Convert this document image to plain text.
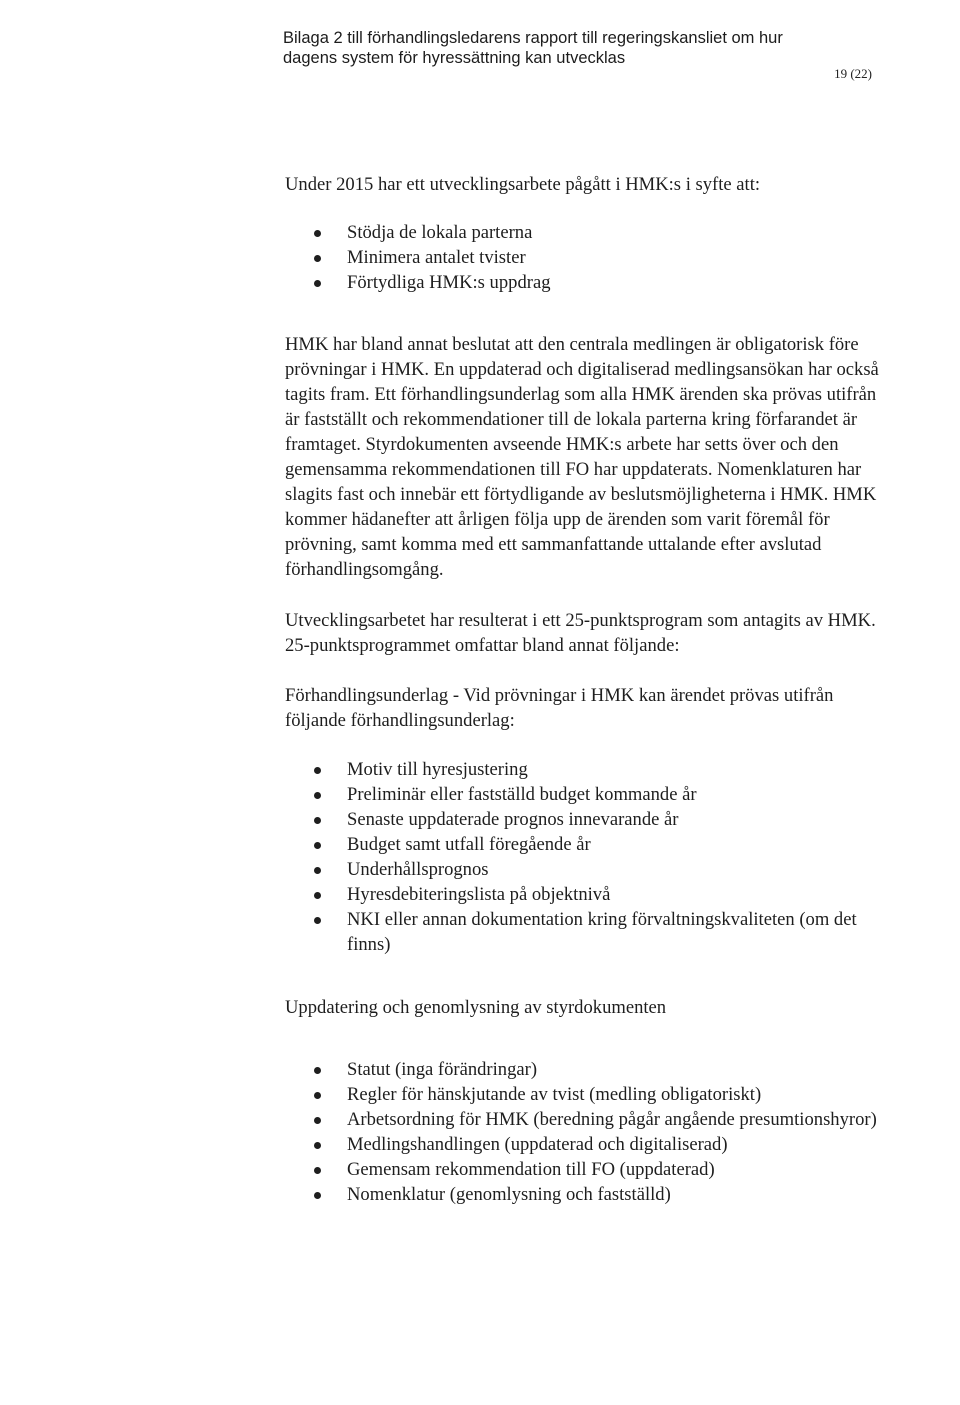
Bilaga 2 till förhandlingsledarens rapport till regeringskansliet om hur
dagens system för hyressättning kan utvecklas
19 (22)

Under 2015 har ett utvecklingsarbete pågått i HMK:s i syfte att:

Stödja de lokala parterna
Minimera antalet tvister
Förtydliga HMK:s uppdrag

HMK har bland annat beslutat att den centrala medlingen är obligatorisk före prövningar i HMK. En uppdaterad och digitaliserad medlingsansökan har också tagits fram. Ett förhandlingsunderlag som alla HMK ärenden ska prövas utifrån är fastställt och rekommendationer till de lokala parterna kring förfarandet är framtaget. Styrdokumenten avseende HMK:s arbete har setts över och den gemensamma rekommendationen till FO har uppdaterats. Nomenklaturen har slagits fast och innebär ett förtydligande av beslutsmöjligheterna i HMK. HMK kommer hädanefter att årligen följa upp de ärenden som varit föremål för prövning, samt komma med ett sammanfattande uttalande efter avslutad förhandlingsomgång.

Utvecklingsarbetet har resulterat i ett 25-punktsprogram som antagits av HMK. 25-punktsprogrammet omfattar bland annat följande:

Förhandlingsunderlag - Vid prövningar i HMK kan ärendet prövas utifrån följande förhandlingsunderlag:

Motiv till hyresjustering
Preliminär eller fastställd budget kommande år
Senaste uppdaterade prognos innevarande år
Budget samt utfall föregående år
Underhållsprognos
Hyresdebiteringslista på objektnivå
NKI eller annan dokumentation kring förvaltningskvaliteten (om det finns)

Uppdatering och genomlysning av styrdokumenten

Statut (inga förändringar)
Regler för hänskjutande av tvist (medling obligatoriskt)
Arbetsordning för HMK (beredning pågår angående presumtionshyror)
Medlingshandlingen (uppdaterad och digitaliserad)
Gemensam rekommendation till FO (uppdaterad)
Nomenklatur (genomlysning och fastställd)
